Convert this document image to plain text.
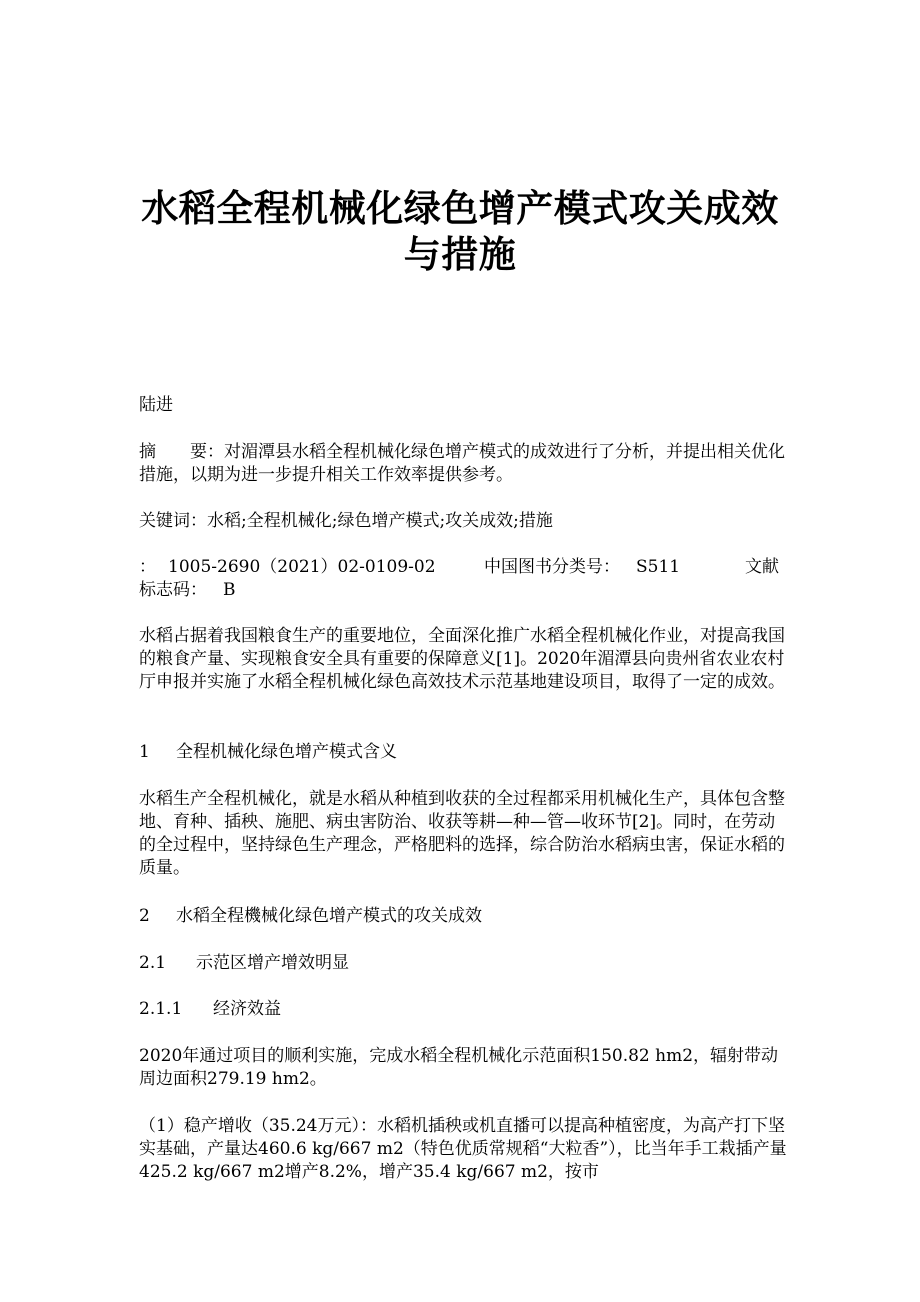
水稻全程机械化绿色增产模式攻关成效
与措施

陆进

摘　　要：对湄潭县水稻全程机械化绿色增产模式的成效进行了分析，并提出相关优化措施，以期为进一步提升相关工作效率提供参考。

关键词：水稻;全程机械化;绿色增产模式;攻关成效;措施

： 1005-2690（2021）02-0109-02	中国图书分类号： S511	文献
标志码： B

水稻占据着我国粮食生产的重要地位，全面深化推广水稻全程机械化作业，对提高我国的粮食产量、实现粮食安全具有重要的保障意义[1]。2020年湄潭县向贵州省农业农村厅申报并实施了水稻全程机械化绿色高效技术示范基地建设项目，取得了一定的成效。

1 全程机械化绿色增产模式含义

水稻生产全程机械化，就是水稻从种植到收获的全过程都采用机械化生产，具体包含整地、育种、插秧、施肥、病虫害防治、收获等耕—种—管—收环节[2]。同时，在劳动的全过程中，坚持绿色生产理念，严格肥料的选择，综合防治水稻病虫害，保证水稻的质量。

2 水稻全程機械化绿色增产模式的攻关成效
2.1 示范区增产增效明显
2.1.1 经济效益

2020年通过项目的顺利实施，完成水稻全程机械化示范面积150.82 hm2，辐射带动周边面积279.19 hm2。

（1）稳产增收（35.24万元）：水稻机插秧或机直播可以提高种植密度，为高产打下坚实基础，产量达460.6 kg/667 m2（特色优质常规稻“大粒香”），比当年手工栽插产量425.2 kg/667 m2增产8.2%，增产35.4 kg/667 m2，按市
